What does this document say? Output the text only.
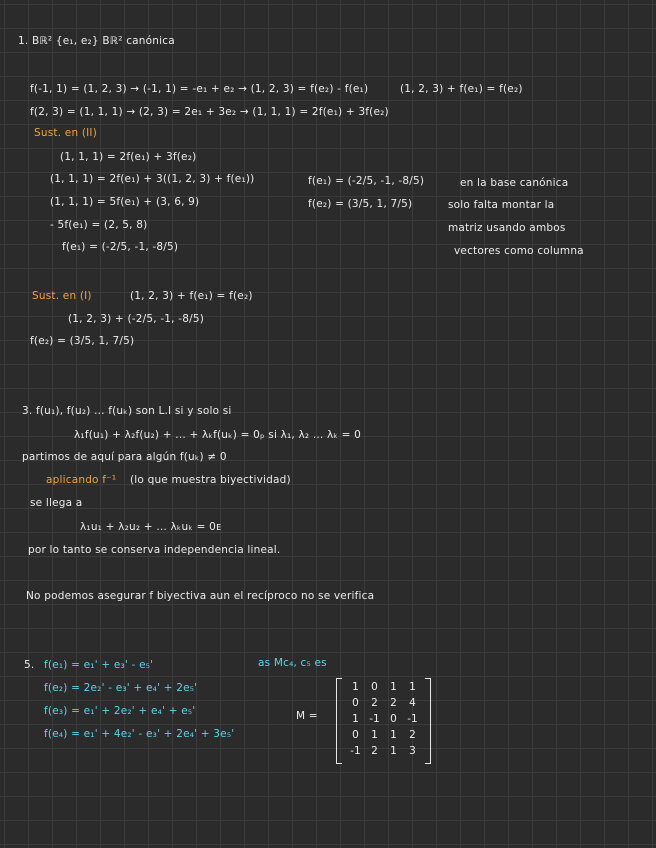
1. Bℝ² {e₁, e₂} Bℝ² canónica
f(-1, 1) = (1, 2, 3) → (-1, 1) = -e₁ + e₂ → (1, 2, 3) = f(e₂) - f(e₁)	(1, 2, 3) + f(e₁) = f(e₂)
f(2, 3) = (1, 1, 1) → (2, 3) = 2e₁ + 3e₂ → (1, 1, 1) = 2f(e₁) + 3f(e₂)
Sust. en (II)
(1, 1, 1) = 2f(e₁) + 3f(e₂)
(1, 1, 1) = 2f(e₁) + 3((1, 2, 3) + f(e₁))
(1, 1, 1) = 5f(e₁) + (3, 6, 9)
- 5f(e₁) = (2, 5, 8)
f(e₁) = (-2/5, -1, -8/5)
f(e₁) = (-2/5, -1, -8/5)
f(e₂) = (3/5, 1, 7/5)
en la base canónica
solo falta montar la
matriz usando ambos
vectores como columna
Sust. en (I)	(1, 2, 3) + f(e₁) = f(e₂)
(1, 2, 3) + (-2/5, -1, -8/5)
f(e₂) = (3/5, 1, 7/5)
3. f(u₁), f(u₂) ... f(uₖ) son L.I si y solo si
λ₁f(u₁) + λ₂f(u₂) + ... + λₖf(uₖ) = 0ₚ si λ₁, λ₂ ... λₖ = 0
partimos de aquí para algún f(uₖ) ≠ 0
aplicando f⁻¹ (lo que muestra biyectividad)
se llega a
λ₁u₁ + λ₂u₂ + ... λₖuₖ = 0ᴇ
por lo tanto se conserva independencia lineal.
No podemos asegurar f biyectiva aun el recíproco no se verifica
5. f(e₁) = e₁' + e₃' - e₅'
f(e₂) = 2e₂' - e₃' + e₄' + 2e₅'
f(e₃) = e₁' + 2e₂' + e₄' + e₅'
f(e₄) = e₁' + 4e₂' - e₃' + 2e₄' + 3e₅'
as Mc₄, c₅ es
M =
1 0 1 1
0 2 2 4
1 -1 0 -1
0 1 1 2
-1 2 1 3
